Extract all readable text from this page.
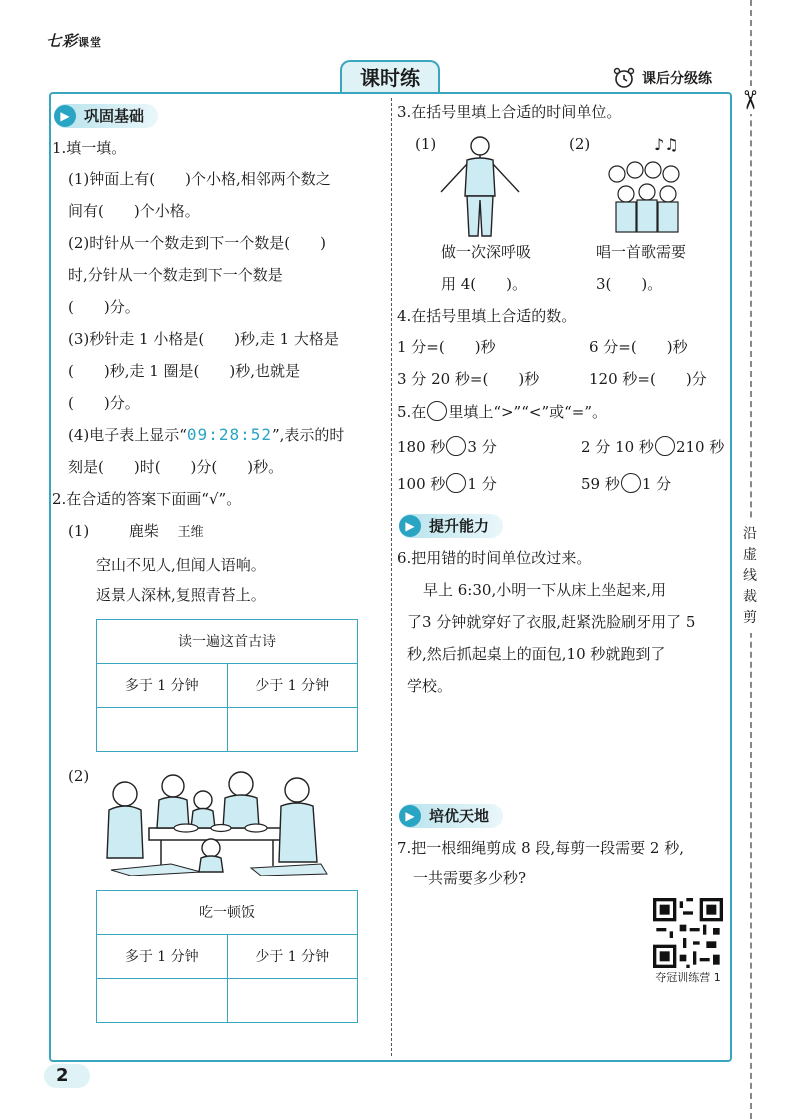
七彩课堂
课时练	课后分级练
✂
沿虚线裁剪
▶ 巩固基础
1.填一填。
(1)钟面上有(　　)个小格,相邻两个数之
间有(　　)个小格。
(2)时针从一个数走到下一个数是(　　)
时,分针从一个数走到下一个数是
(　　)分。
(3)秒针走 1 小格是(　　)秒,走 1 大格是
(　　)秒,走 1 圈是(　　)秒,也就是
(　　)分。
(4)电子表上显示“09:28:52”,表示的时
刻是(　　)时(　　)分(　　)秒。
2.在合适的答案下面画“√”。
(1)	鹿柴 王维
空山不见人,但闻人语响。
返景人深林,复照青苔上。
读一遍这首古诗	
多于 1 分钟	少于 1 分钟

(2)
吃一顿饭	
多于 1 分钟	少于 1 分钟

3.在括号里填上合适的时间单位。
(1)	(2)	♪♫
做一次深呼吸
用 4(　　)。
唱一首歌需要
3(　　)。
4.在括号里填上合适的数。
1 分=(　　)秒	6 分=(　　)秒
3 分 20 秒=(　　)秒	120 秒=(　　)分
5.在 里填上“>”“<”或“=”。
180 秒 3 分	2 分 10 秒 210 秒
100 秒 1 分	59 秒 1 分
▶ 提升能力
6.把用错的时间单位改过来。
早上 6:30,小明一下从床上坐起来,用
了3 分钟就穿好了衣服,赶紧洗脸刷牙用了 5
秒,然后抓起桌上的面包,10 秒就跑到了
学校。
▶ 培优天地
7.把一根细绳剪成 8 段,每剪一段需要 2 秒,
一共需要多少秒?
夺冠训练营 1
2
